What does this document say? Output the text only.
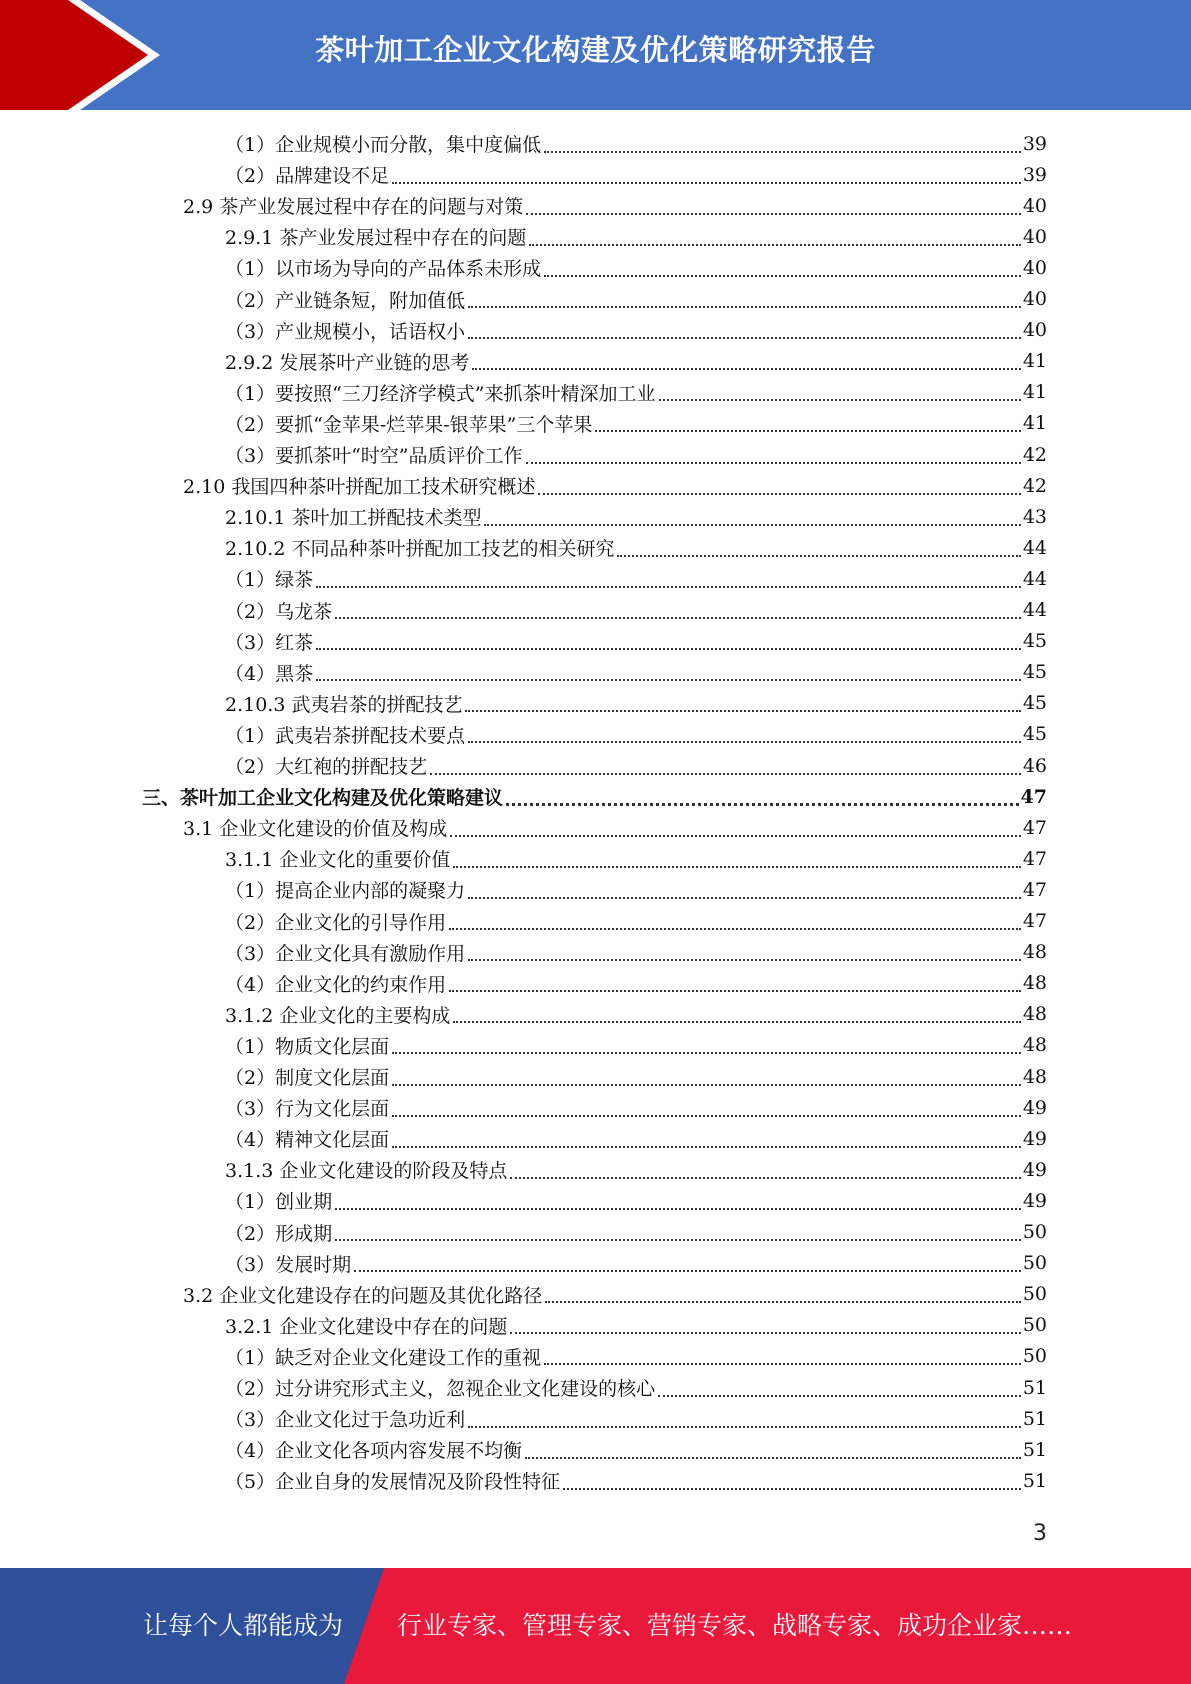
茶叶加工企业文化构建及优化策略研究报告
（1）企业规模小而分散，集中度偏低	39
（2）品牌建设不足	39
2.9 茶产业发展过程中存在的问题与对策	40
2.9.1 茶产业发展过程中存在的问题	40
（1）以市场为导向的产品体系未形成	40
（2）产业链条短，附加值低	40
（3）产业规模小，话语权小	40
2.9.2 发展茶叶产业链的思考	41
（1）要按照“三刀经济学模式”来抓茶叶精深加工业	41
（2）要抓“金苹果-烂苹果-银苹果”三个苹果	41
（3）要抓茶叶“时空”品质评价工作	42
2.10 我国四种茶叶拼配加工技术研究概述	42
2.10.1 茶叶加工拼配技术类型	43
2.10.2 不同品种茶叶拼配加工技艺的相关研究	44
（1）绿茶	44
（2）乌龙茶	44
（3）红茶	45
（4）黑茶	45
2.10.3 武夷岩茶的拼配技艺	45
（1）武夷岩茶拼配技术要点	45
（2）大红袍的拼配技艺	46
三、茶叶加工企业文化构建及优化策略建议	47
3.1 企业文化建设的价值及构成	47
3.1.1 企业文化的重要价值	47
（1）提高企业内部的凝聚力	47
（2）企业文化的引导作用	47
（3）企业文化具有激励作用	48
（4）企业文化的约束作用	48
3.1.2 企业文化的主要构成	48
（1）物质文化层面	48
（2）制度文化层面	48
（3）行为文化层面	49
（4）精神文化层面	49
3.1.3 企业文化建设的阶段及特点	49
（1）创业期	49
（2）形成期	50
（3）发展时期	50
3.2 企业文化建设存在的问题及其优化路径	50
3.2.1 企业文化建设中存在的问题	50
（1）缺乏对企业文化建设工作的重视	50
（2）过分讲究形式主义，忽视企业文化建设的核心	51
（3）企业文化过于急功近利	51
（4）企业文化各项内容发展不均衡	51
（5）企业自身的发展情况及阶段性特征	51
3
让每个人都能成为 行业专家、管理专家、营销专家、战略专家、成功企业家……
